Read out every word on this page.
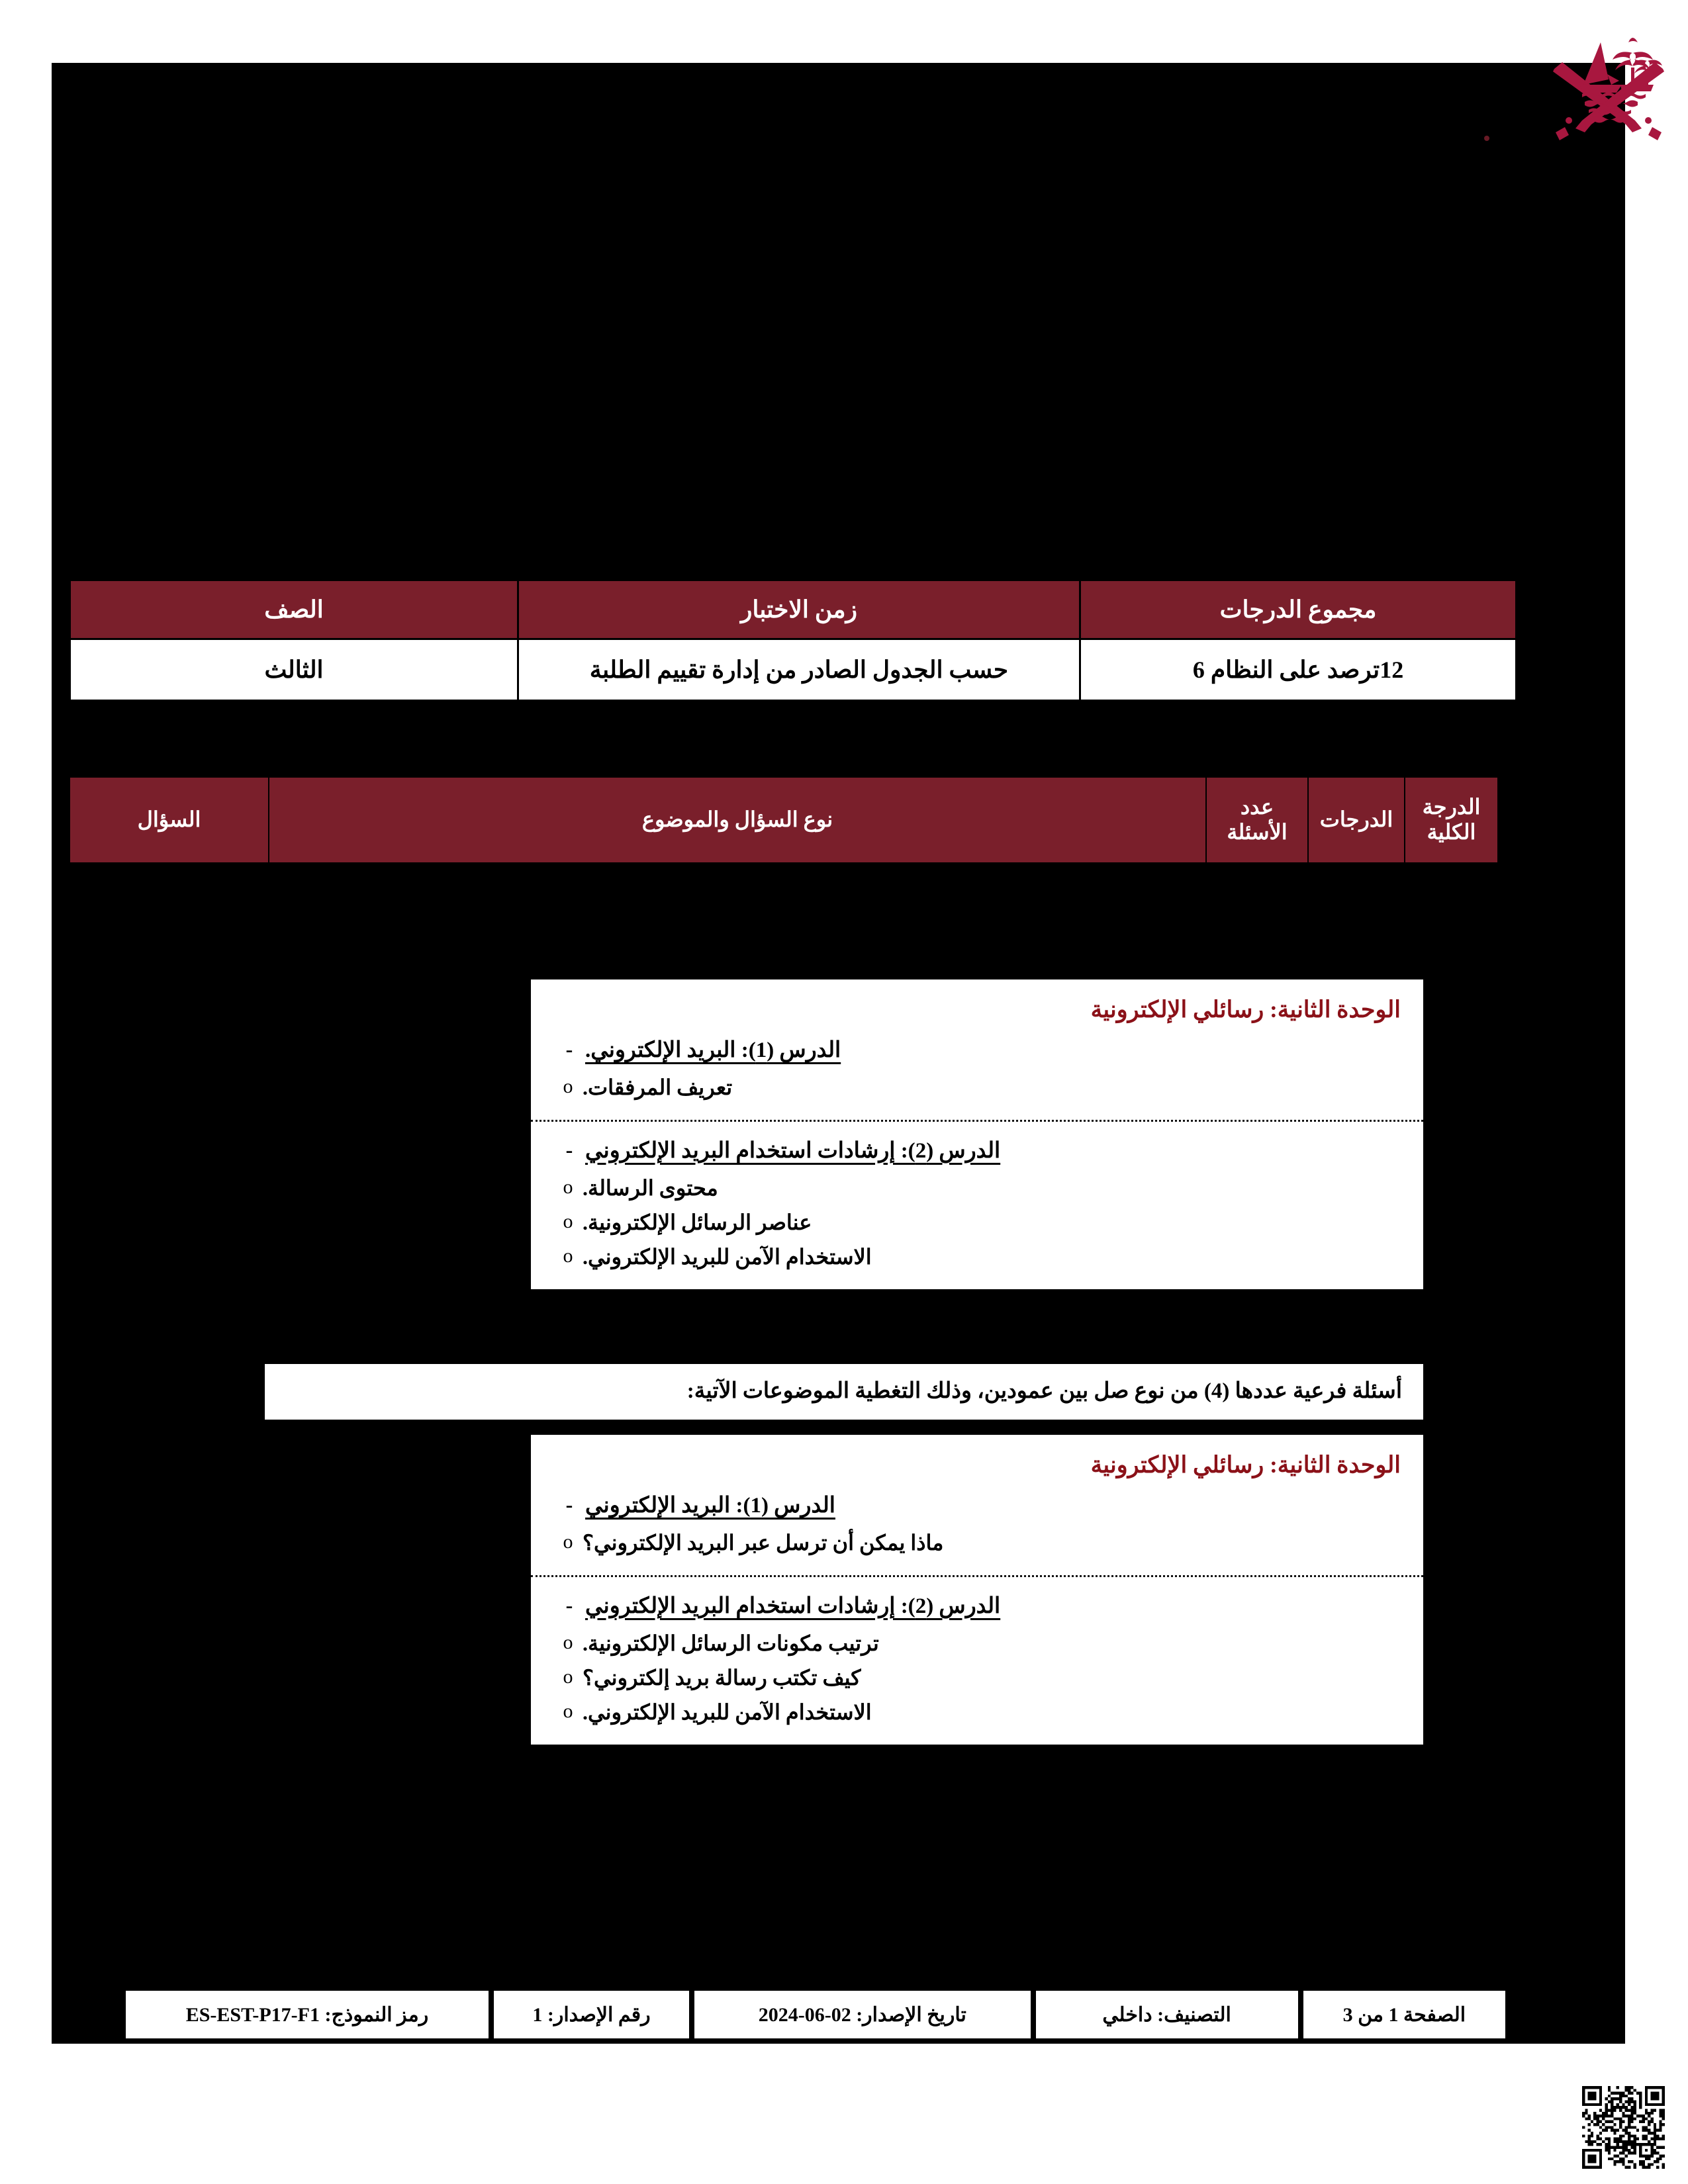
مجموع الدرجات	زمن الاختبار	الصف
12ترصد على النظام 6	حسب الجدول الصادر من إدارة تقييم الطلبة	الثالث
الدرجة الكلية	الدرجات	عدد الأسئلة	نوع السؤال والموضوع	السؤال
الوحدة الثانية: رسائلي الإلكترونية
- الدرس (1): البريد الإلكتروني.
o تعريف المرفقات.
- الدرس (2): إرشادات استخدام البريد الإلكتروني
o محتوى الرسالة.
o عناصر الرسائل الإلكترونية.
o الاستخدام الآمن للبريد الإلكتروني.
أسئلة فرعية عددها (4) من نوع صل بين عمودين، وذلك التغطية الموضوعات الآتية:
الوحدة الثانية: رسائلي الإلكترونية
- الدرس (1): البريد الإلكتروني
o ماذا يمكن أن ترسل عبر البريد الإلكتروني؟
- الدرس (2): إرشادات استخدام البريد الإلكتروني
o ترتيب مكونات الرسائل الإلكترونية.
o كيف تكتب رسالة بريد إلكتروني؟
o الاستخدام الآمن للبريد الإلكتروني.
الصفحة 1 من 3	التصنيف: داخلي	تاريخ الإصدار: 02-06-2024	رقم الإصدار: 1	رمز النموذج: ES-EST-P17-F1
